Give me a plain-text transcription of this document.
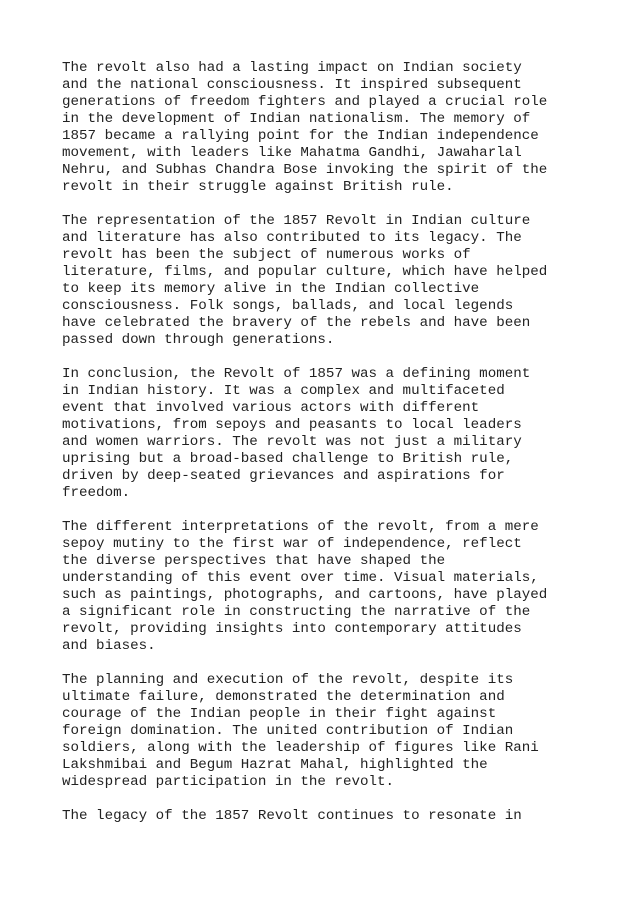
The revolt also had a lasting impact on Indian society
and the national consciousness. It inspired subsequent
generations of freedom fighters and played a crucial role
in the development of Indian nationalism. The memory of
1857 became a rallying point for the Indian independence
movement, with leaders like Mahatma Gandhi, Jawaharlal
Nehru, and Subhas Chandra Bose invoking the spirit of the
revolt in their struggle against British rule.

The representation of the 1857 Revolt in Indian culture
and literature has also contributed to its legacy. The
revolt has been the subject of numerous works of
literature, films, and popular culture, which have helped
to keep its memory alive in the Indian collective
consciousness. Folk songs, ballads, and local legends
have celebrated the bravery of the rebels and have been
passed down through generations.

In conclusion, the Revolt of 1857 was a defining moment
in Indian history. It was a complex and multifaceted
event that involved various actors with different
motivations, from sepoys and peasants to local leaders
and women warriors. The revolt was not just a military
uprising but a broad-based challenge to British rule,
driven by deep-seated grievances and aspirations for
freedom.

The different interpretations of the revolt, from a mere
sepoy mutiny to the first war of independence, reflect
the diverse perspectives that have shaped the
understanding of this event over time. Visual materials,
such as paintings, photographs, and cartoons, have played
a significant role in constructing the narrative of the
revolt, providing insights into contemporary attitudes
and biases.

The planning and execution of the revolt, despite its
ultimate failure, demonstrated the determination and
courage of the Indian people in their fight against
foreign domination. The united contribution of Indian
soldiers, along with the leadership of figures like Rani
Lakshmibai and Begum Hazrat Mahal, highlighted the
widespread participation in the revolt.

The legacy of the 1857 Revolt continues to resonate in
